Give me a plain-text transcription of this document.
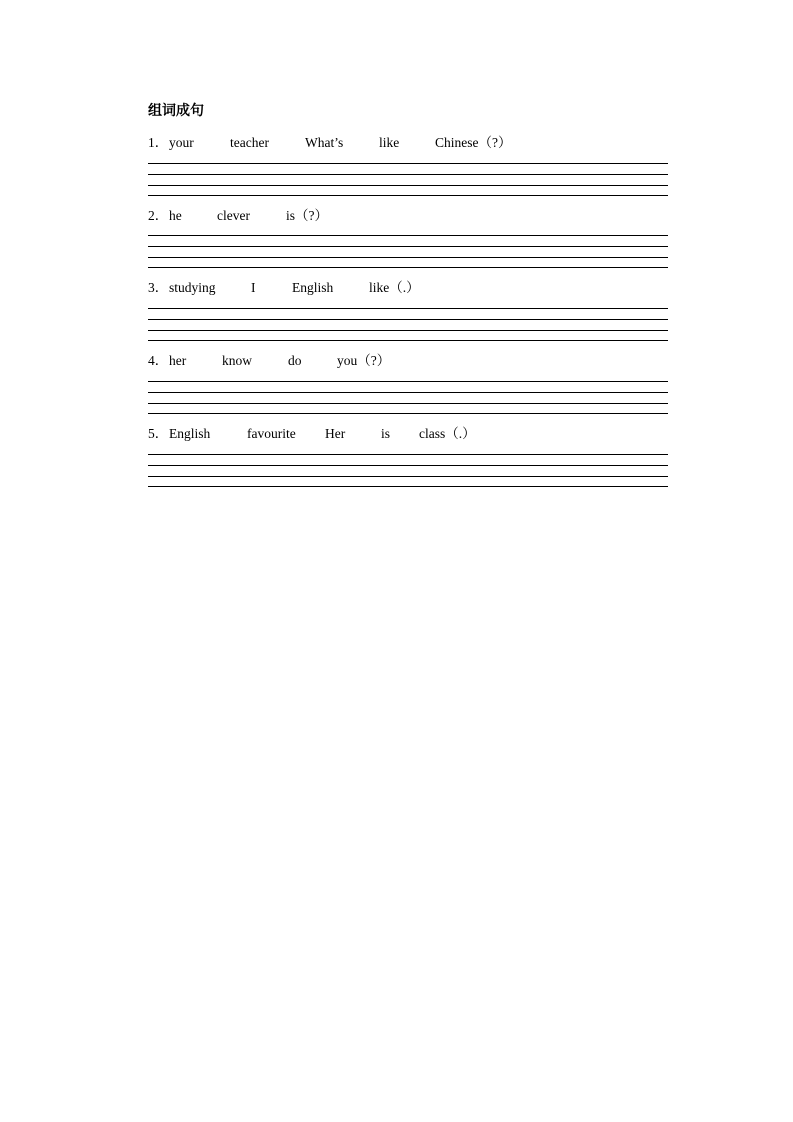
组词成句
1． your	teacher	What’s	like	Chinese（?）
2． he	clever	is（?）
3． studying	I	English	like（.）
4． her	know	do	you（?）
5． English	favourite Her	is class（.）
